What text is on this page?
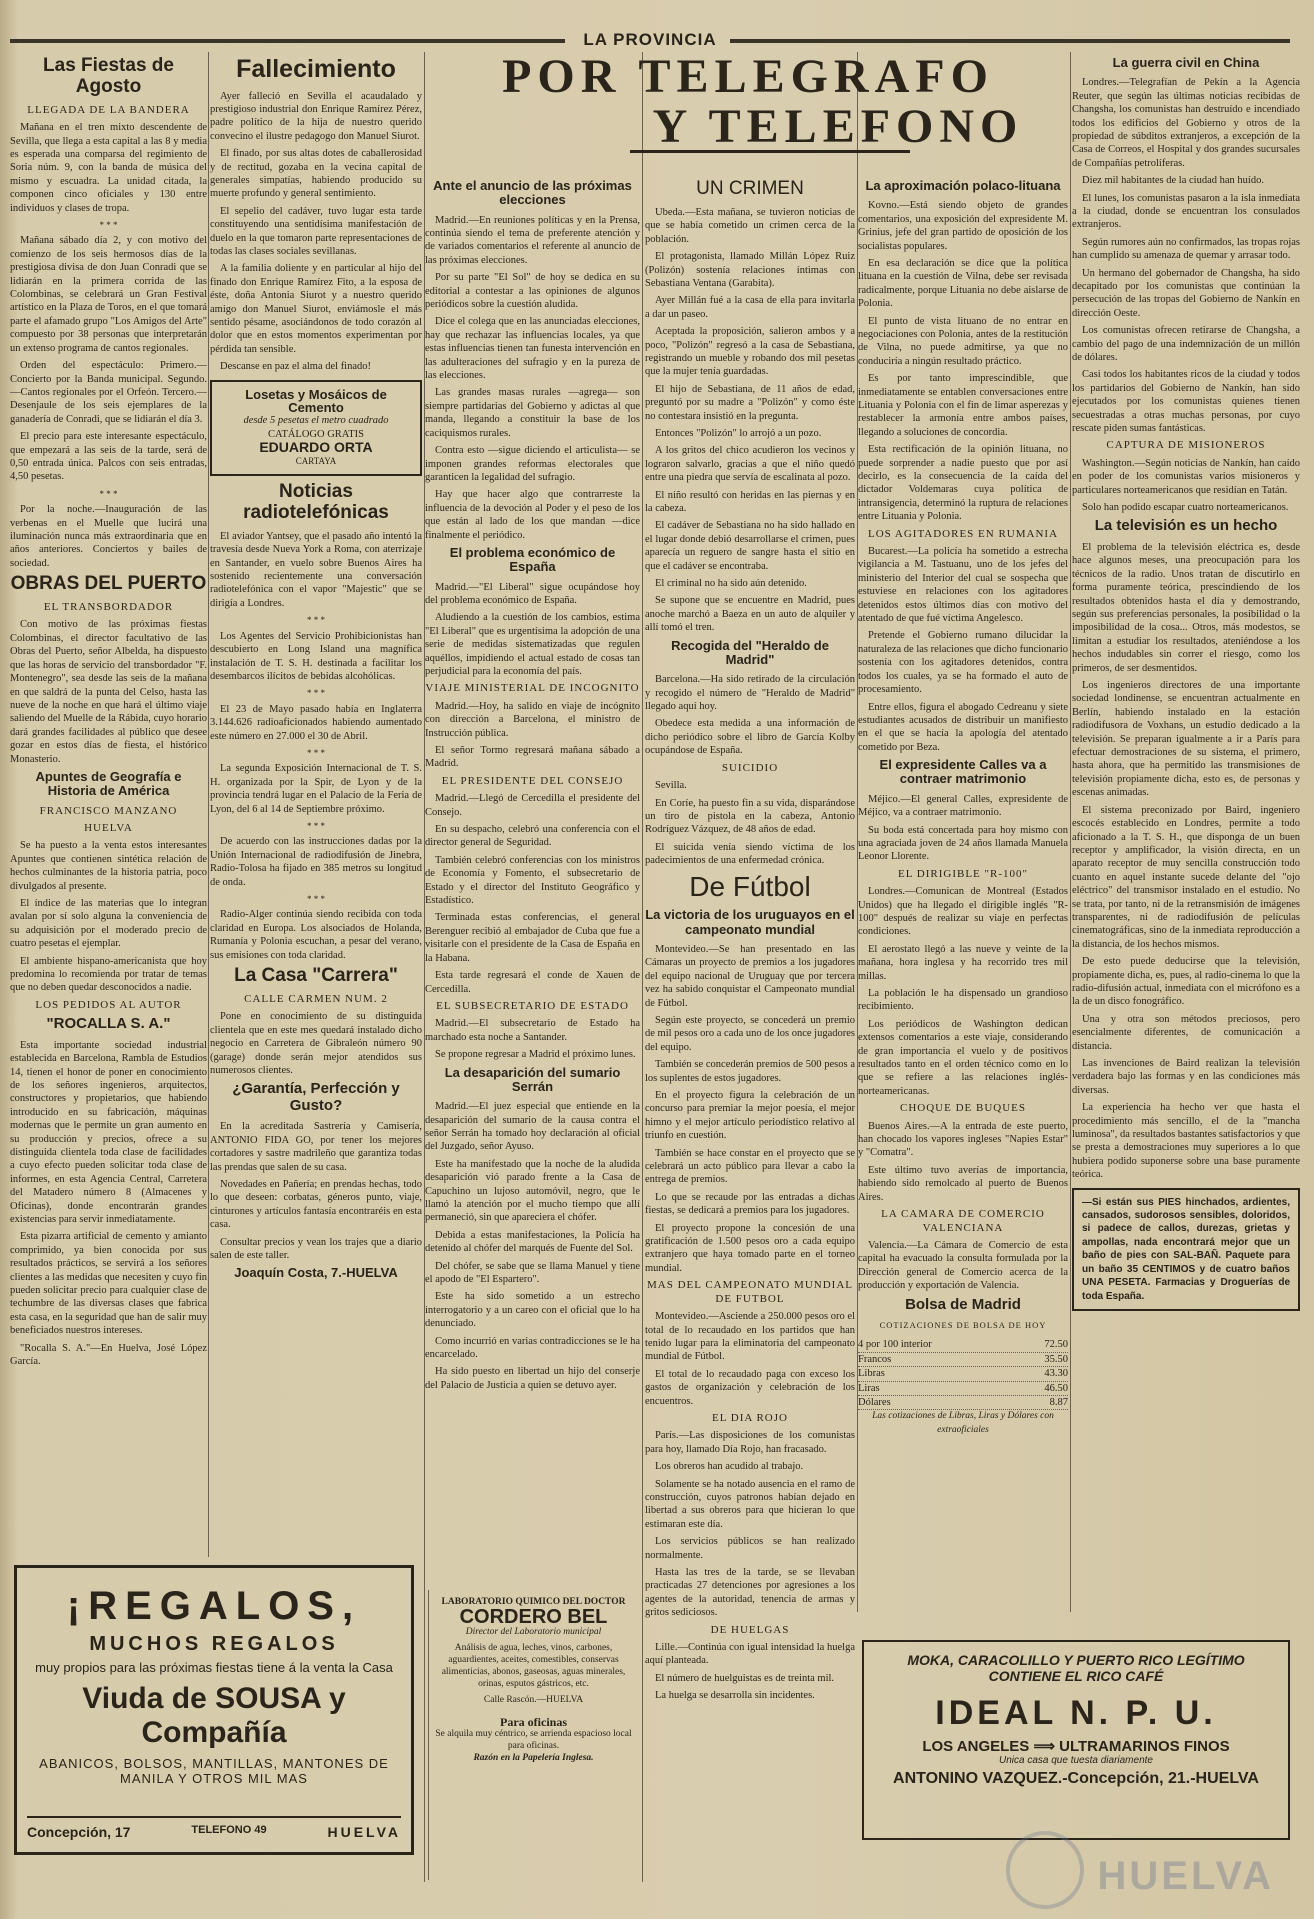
LA PROVINCIA
Las Fiestas de Agosto
LLEGADA DE LA BANDERA

Mañana en el tren mixto descendente de Sevilla, que llega a esta capital a las 8 y media es esperada una comparsa del regimiento de Soria núm. 9, con la banda de música del mismo y escuadra. La unidad citada, la componen cinco oficiales y 130 entre individuos y clases de tropa.

* * *

Mañana sábado día 2, y con motivo del comienzo de los seis hermosos días de la prestigiosa divisa de don Juan Conradi que se lidiarán en la primera corrida de las Colombinas, se celebrará un Gran Festival artístico en la Plaza de Toros, en el que tomará parte el afamado grupo "Los Amigos del Arte" compuesto por 38 personas que interpretarán un extenso programa de cantos regionales.

Orden del espectáculo: Primero.—Concierto por la Banda municipal. Segundo.—Cantos regionales por el Orfeón. Tercero.—Desenjaule de los seis ejemplares de la ganadería de Conradi, que se lidiarán el día 3.

El precio para este interesante espectáculo, que empezará a las seis de la tarde, será de 0,50 entrada única. Palcos con seis entradas, 4,50 pesetas.

* * *

Por la noche.—Inauguración de las verbenas en el Muelle que lucirá una iluminación nunca más extraordinaria que en años anteriores. Conciertos y bailes de sociedad.

OBRAS DEL PUERTO
EL TRANSBORDADOR

Con motivo de las próximas fiestas Colombinas, el director facultativo de las Obras del Puerto, señor Albelda, ha dispuesto que las horas de servicio del transbordador "F. Montenegro", sea desde las seis de la mañana en que saldrá de la punta del Celso, hasta las nueve de la noche en que hará el último viaje saliendo del Muelle de la Rábida, cuyo horario dará grandes facilidades al público que desee gozar en estos días de fiesta, el histórico Monasterio.

Apuntes de Geografía e Historia de América
FRANCISCO MANZANO
HUELVA

Se ha puesto a la venta estos interesantes Apuntes que contienen sintética relación de hechos culminantes de la historia patria, poco divulgados al presente.

El índice de las materias que lo integran avalan por sí solo alguna la conveniencia de su adquisición por el moderado precio de cuatro pesetas el ejemplar.

El ambiente hispano-americanista que hoy predomina lo recomienda por tratar de temas que no deben quedar desconocidos a nadie.

LOS PEDIDOS AL AUTOR
"ROCALLA S. A."

Esta importante sociedad industrial establecida en Barcelona, Rambla de Estudios 14, tienen el honor de poner en conocimiento de los señores ingenieros, arquitectos, constructores y propietarios, que habiendo introducido en su fabricación, máquinas modernas que le permite un gran aumento en su producción y precios, ofrece a su distinguida clientela toda clase de facilidades a cuyo efecto pueden solicitar toda clase de informes, en esta Agencia Central, Carretera del Matadero número 8 (Almacenes y Oficinas), donde encontrarán grandes existencias para servir inmediatamente.

Esta pizarra artificial de cemento y amianto comprimido, ya bien conocida por sus resultados prácticos, se servirá a los señores clientes a las medidas que necesiten y cuyo fin pueden solicitar precio para cualquier clase de techumbre de las diversas clases que fabrica esta casa, en la seguridad que han de salir muy beneficiados nuestros intereses.

"Rocalla S. A."—En Huelva, José López García.

Fallecimiento

Ayer falleció en Sevilla el acaudalado y prestigioso industrial don Enrique Ramírez Pérez, padre político de la hija de nuestro querido convecino el ilustre pedagogo don Manuel Siurot.

El finado, por sus altas dotes de caballerosidad y de rectitud, gozaba en la vecina capital de generales simpatías, habiendo producido su muerte profundo y general sentimiento.

El sepelio del cadáver, tuvo lugar esta tarde constituyendo una sentidísima manifestación de duelo en la que tomaron parte representaciones de todas las clases sociales sevillanas.

A la familia doliente y en particular al hijo del finado don Enrique Ramírez Fito, a la esposa de éste, doña Antonia Siurot y a nuestro querido amigo don Manuel Siurot, enviámosle el más sentido pésame, asociándonos de todo corazón al dolor que en estos momentos experimentan por pérdida tan sensible.

Descanse en paz el alma del finado!

Losetas y Mosáicos de Cemento
desde 5 pesetas el metro cuadrado
CATÁLOGO GRATIS
EDUARDO ORTA
CARTAYA
Noticias radiotelefónicas

El aviador Yantsey, que el pasado año intentó la travesía desde Nueva York a Roma, con aterrizaje en Santander, en vuelo sobre Buenos Aires ha sostenido recientemente una conversación radiotelefónica con el vapor "Majestic" que se dirigía a Londres.

* * *

Los Agentes del Servicio Prohibicionistas han descubierto en Long Island una magnífica instalación de T. S. H. destinada a facilitar los desembarcos ilícitos de bebidas alcohólicas.

* * *

El 23 de Mayo pasado había en Inglaterra 3.144.626 radioaficionados habiendo aumentado este número en 27.000 el 30 de Abril.

* * *

La segunda Exposición Internacional de T. S. H. organizada por la Spir, de Lyon y de la provincia tendrá lugar en el Palacio de la Feria de Lyon, del 6 al 14 de Septiembre próximo.

* * *

De acuerdo con las instrucciones dadas por la Unión Internacional de radiodifusión de Jinebra, Radio-Tolosa ha fijado en 385 metros su longitud de onda.

* * *

Radio-Alger continúa siendo recibida con toda claridad en Europa. Los alsociados de Holanda, Rumanía y Polonia escuchan, a pesar del verano, sus emisiones con toda claridad.

La Casa "Carrera"
CALLE CARMEN NUM. 2

Pone en conocimiento de su distinguida clientela que en este mes quedará instalado dicho negocio en Carretera de Gibraleón número 90 (garage) donde serán mejor atendidos sus numerosos clientes.

¿Garantía, Perfección y Gusto?

En la acreditada Sastrería y Camisería, ANTONIO FIDA GO, por tener los mejores cortadores y sastre madrileño que garantiza todas las prendas que salen de su casa.

Novedades en Pañería; en prendas hechas, todo lo que deseen: corbatas, géneros punto, viaje, cinturones y artículos fantasía encontraréis en esta casa.

Consultar precios y vean los trajes que a diario salen de este taller.

Joaquín Costa, 7.-HUELVA
POR TELEGRAFO
Y TELEFONO
Ante el anuncio de las próximas elecciones

Madrid.—En reuniones políticas y en la Prensa, continúa siendo el tema de preferente atención y de variados comentarios el referente al anuncio de las próximas elecciones.

Por su parte "El Sol" de hoy se dedica en su editorial a contestar a las opiniones de algunos periódicos sobre la cuestión aludida.

Dice el colega que en las anunciadas elecciones, hay que rechazar las influencias locales, ya que estas influencias tienen tan funesta intervención en las adulteraciones del sufragio y en la pureza de las elecciones.

Las grandes masas rurales —agrega— son siempre partidarias del Gobierno y adictas al que manda, llegando a constituir la base de los caciquismos rurales.

Contra esto —sigue diciendo el articulista— se imponen grandes reformas electorales que garanticen la legalidad del sufragio.

Hay que hacer algo que contrarreste la influencia de la devoción al Poder y el peso de los que están al lado de los que mandan —dice finalmente el periódico.

El problema económico de España

Madrid.—"El Liberal" sigue ocupándose hoy del problema económico de España.

Aludiendo a la cuestión de los cambios, estima "El Liberal" que es urgentísima la adopción de una serie de medidas sistematizadas que regulen aquéllos, impidiendo el actual estado de cosas tan perjudicial para la economía del país.

VIAJE MINISTERIAL DE INCOGNITO

Madrid.—Hoy, ha salido en viaje de incógnito con dirección a Barcelona, el ministro de Instrucción pública.

El señor Tormo regresará mañana sábado a Madrid.

EL PRESIDENTE DEL CONSEJO

Madrid.—Llegó de Cercedilla el presidente del Consejo.

En su despacho, celebró una conferencia con el director general de Seguridad.

También celebró conferencias con los ministros de Economía y Fomento, el subsecretario de Estado y el director del Instituto Geográfico y Estadístico.

Terminada estas conferencias, el general Berenguer recibió al embajador de Cuba que fue a visitarle con el presidente de la Casa de España en la Habana.

Esta tarde regresará el conde de Xauen de Cercedilla.

EL SUBSECRETARIO DE ESTADO

Madrid.—El subsecretario de Estado ha marchado esta noche a Santander.

Se propone regresar a Madrid el próximo lunes.

La desaparición del sumario Serrán

Madrid.—El juez especial que entiende en la desaparición del sumario de la causa contra el señor Serrán ha tomado hoy declaración al oficial del Juzgado, señor Ayuso.

Este ha manifestado que la noche de la aludida desaparición vió parado frente a la Casa de Capuchino un lujoso automóvil, negro, que le llamó la atención por el mucho tiempo que allí permaneció, sin que apareciera el chófer.

Debida a estas manifestaciones, la Policía ha detenido al chófer del marqués de Fuente del Sol.

Del chófer, se sabe que se llama Manuel y tiene el apodo de "El Espartero".

Este ha sido sometido a un estrecho interrogatorio y a un careo con el oficial que lo ha denunciado.

Como incurrió en varias contradicciones se le ha encarcelado.

Ha sido puesto en libertad un hijo del conserje del Palacio de Justicia a quien se detuvo ayer.

LABORATORIO QUIMICO DEL DOCTOR
CORDERO BEL
Director del Laboratorio municipal
Análisis de agua, leches, vinos, carbones, aguardientes, aceites, comestibles, conservas alimenticias, abonos, gaseosas, aguas minerales, orinas, esputos gástricos, etc.
Calle Rascón.—HUELVA
Para oficinas
Se alquila muy céntrico, se arrienda espacioso local para oficinas.
Razón en la Papelería Inglesa.
UN CRIMEN

Ubeda.—Esta mañana, se tuvieron noticias de que se había cometido un crimen cerca de la población.

El protagonista, llamado Millán López Ruiz (Polizón) sostenía relaciones íntimas con Sebastiana Ventana (Garabita).

Ayer Millán fué a la casa de ella para invitarla a dar un paseo.

Aceptada la proposición, salieron ambos y a poco, "Polizón" regresó a la casa de Sebastiana, registrando un mueble y robando dos mil pesetas que la mujer tenía guardadas.

El hijo de Sebastiana, de 11 años de edad, preguntó por su madre a "Polizón" y como éste no contestara insistió en la pregunta.

Entonces "Polizón" lo arrojó a un pozo.

A los gritos del chico acudieron los vecinos y lograron salvarlo, gracias a que el niño quedó entre una piedra que servía de escalinata al pozo.

El niño resultó con heridas en las piernas y en la cabeza.

El cadáver de Sebastiana no ha sido hallado en el lugar donde debió desarrollarse el crimen, pues aparecía un reguero de sangre hasta el sitio en que el cadáver se encontraba.

El criminal no ha sido aún detenido.

Se supone que se encuentre en Madrid, pues anoche marchó a Baeza en un auto de alquiler y allí tomó el tren.

Recogida del "Heraldo de Madrid"

Barcelona.—Ha sido retirado de la circulación y recogido el número de "Heraldo de Madrid" llegado aquí hoy.

Obedece esta medida a una información de dicho periódico sobre el libro de García Kolby ocupándose de España.

SUICIDIO

Sevilla.

En Coríe, ha puesto fin a su vida, disparándose un tiro de pistola en la cabeza, Antonio Rodríguez Vázquez, de 48 años de edad.

El suicida venía siendo víctima de los padecimientos de una enfermedad crónica.

De Fútbol
La victoria de los uruguayos en el campeonato mundial

Montevideo.—Se han presentado en las Cámaras un proyecto de premios a los jugadores del equipo nacional de Uruguay que por tercera vez ha sabido conquistar el Campeonato mundial de Fútbol.

Según este proyecto, se concederá un premio de mil pesos oro a cada uno de los once jugadores del equipo.

También se concederán premios de 500 pesos a los suplentes de estos jugadores.

En el proyecto figura la celebración de un concurso para premiar la mejor poesía, el mejor himno y el mejor artículo periodístico relativo al triunfo en cuestión.

También se hace constar en el proyecto que se celebrará un acto público para llevar a cabo la entrega de premios.

Lo que se recaude por las entradas a dichas fiestas, se dedicará a premios para los jugadores.

El proyecto propone la concesión de una gratificación de 1.500 pesos oro a cada equipo extranjero que haya tomado parte en el torneo mundial.

MAS DEL CAMPEONATO MUNDIAL DE FUTBOL

Montevideo.—Asciende a 250.000 pesos oro el total de lo recaudado en los partidos que han tenido lugar para la eliminatoria del campeonato mundial de Fútbol.

El total de lo recaudado paga con exceso los gastos de organización y celebración de los encuentros.

EL DIA ROJO

París.—Las disposiciones de los comunistas para hoy, llamado Día Rojo, han fracasado.

Los obreros han acudido al trabajo.

Solamente se ha notado ausencia en el ramo de construcción, cuyos patronos habían dejado en libertad a sus obreros para que hicieran lo que estimaran este día.

Los servicios públicos se han realizado normalmente.

Hasta las tres de la tarde, se se llevaban practicadas 27 detenciones por agresiones a los agentes de la autoridad, tenencia de armas y gritos sediciosos.

DE HUELGAS

Lille.—Continúa con igual intensidad la huelga aquí planteada.

El número de huelguistas es de treinta mil.

La huelga se desarrolla sin incidentes.

La aproximación polaco-lituana

Kovno.—Está siendo objeto de grandes comentarios, una exposición del expresidente M. Grinius, jefe del gran partido de oposición de los socialistas populares.

En esa declaración se dice que la política lituana en la cuestión de Vilna, debe ser revisada radicalmente, porque Lituania no debe aislarse de Polonia.

El punto de vista lituano de no entrar en negociaciones con Polonia, antes de la restitución de Vilna, no puede admitirse, ya que no conduciría a ningún resultado práctico.

Es por tanto imprescindible, que inmediatamente se entablen conversaciones entre Lituania y Polonia con el fin de limar asperezas y restablecer la armonía entre ambos países, llegando a soluciones de concordia.

Esta rectificación de la opinión lituana, no puede sorprender a nadie puesto que por así decirlo, es la consecuencia de la caída del dictador Voldemaras cuya política de intransigencia, determinó la ruptura de relaciones entre Lituania y Polonia.

LOS AGITADORES EN RUMANIA

Bucarest.—La policía ha sometido a estrecha vigilancia a M. Tastuanu, uno de los jefes del ministerio del Interior del cual se sospecha que estuviese en relaciones con los agitadores detenidos estos últimos días con motivo del atentado de que fué víctima Angelesco.

Pretende el Gobierno rumano dilucidar la naturaleza de las relaciones que dicho funcionario sostenía con los agitadores detenidos, contra todos los cuales, ya se ha formado el auto de procesamiento.

Entre ellos, figura el abogado Cedreanu y siete estudiantes acusados de distribuir un manifiesto en el que se hacía la apología del atentado cometido por Beza.

El expresidente Calles va a contraer matrimonio

Méjico.—El general Calles, expresidente de Méjico, va a contraer matrimonio.

Su boda está concertada para hoy mismo con una agraciada joven de 24 años llamada Manuela Leonor Llorente.

EL DIRIGIBLE "R-100"

Londres.—Comunican de Montreal (Estados Unidos) que ha llegado el dirigible inglés "R-100" después de realizar su viaje en perfectas condiciones.

El aerostato llegó a las nueve y veinte de la mañana, hora inglesa y ha recorrido tres mil millas.

La población le ha dispensado un grandioso recibimiento.

Los periódicos de Washington dedican extensos comentarios a este viaje, considerando de gran importancia el vuelo y de positivos resultados tanto en el orden técnico como en lo que se refiere a las relaciones inglés-norteamericanas.

CHOQUE DE BUQUES

Buenos Aires.—A la entrada de este puerto, han chocado los vapores ingleses "Napies Estar" y "Comatra".

Este último tuvo averías de importancia, habiendo sido remolcado al puerto de Buenos Aires.

LA CAMARA DE COMERCIO VALENCIANA

Valencia.—La Cámara de Comercio de esta capital ha evacuado la consulta formulada por la Dirección general de Comercio acerca de la producción y exportación de Valencia.

Bolsa de Madrid
COTIZACIONES DE BOLSA DE HOY
4 por 100 interior	72.50
Francos	35.50
Libras	43.30
Liras	46.50
Dólares	8.87
Las cotizaciones de Libras, Liras y Dólares con extraoficiales
La guerra civil en China

Londres.—Telegrafían de Pekín a la Agencia Reuter, que según las últimas noticias recibidas de Changsha, los comunistas han destruído e incendiado todos los edificios del Gobierno y otros de la propiedad de súbditos extranjeros, a excepción de la Casa de Correos, el Hospital y dos grandes sucursales de Compañías petrolíferas.

Diez mil habitantes de la ciudad han huído.

El lunes, los comunistas pasaron a la isla inmediata a la ciudad, donde se encuentran los consulados extranjeros.

Según rumores aún no confirmados, las tropas rojas han cumplido su amenaza de quemar y arrasar todo.

Un hermano del gobernador de Changsha, ha sido decapitado por los comunistas que continúan la persecución de las tropas del Gobierno de Nankín en dirección Oeste.

Los comunistas ofrecen retirarse de Changsha, a cambio del pago de una indemnización de un millón de dólares.

Casi todos los habitantes ricos de la ciudad y todos los partidarios del Gobierno de Nankín, han sido ejecutados por los comunistas quienes tienen secuestradas a otras muchas personas, por cuyo rescate piden sumas fantásticas.

CAPTURA DE MISIONEROS

Washington.—Según noticias de Nankín, han caído en poder de los comunistas varios misioneros y particulares norteamericanos que residían en Tatán.

Solo han podido escapar cuatro norteamericanos.

La televisión es un hecho

El problema de la televisión eléctrica es, desde hace algunos meses, una preocupación para los técnicos de la radio. Unos tratan de discutirlo en forma puramente teórica, prescindiendo de los resultados obtenidos hasta el día y demostrando, según sus preferencias personales, la posibilidad o la imposibilidad de la cosa... Otros, más modestos, se limitan a estudiar los resultados, ateniéndose a los hechos indudables sin correr el riesgo, como los primeros, de ser desmentidos.

Los ingenieros directores de una importante sociedad londinense, se encuentran actualmente en Berlín, habiendo instalado en la estación radiodifusora de Voxhans, un estudio dedicado a la televisión. Se preparan igualmente a ir a París para efectuar demostraciones de su sistema, el primero, hasta ahora, que ha permitido las transmisiones de televisión propiamente dicha, esto es, de personas y escenas animadas.

El sistema preconizado por Baird, ingeniero escocés establecido en Londres, permite a todo aficionado a la T. S. H., que disponga de un buen receptor y amplificador, la visión directa, en un aparato receptor de muy sencilla construcción todo cuanto en aquel instante sucede delante del "ojo eléctrico" del transmisor instalado en el estudio. No se trata, por tanto, ni de la retransmisión de imágenes transparentes, ni de radiodifusión de películas cinematográficas, sino de la inmediata reproducción a la distancia, de los hechos mismos.

De esto puede deducirse que la televisión, propiamente dicha, es, pues, al radio-cinema lo que la radio-difusión actual, inmediata con el micrófono es a la de un disco fonográfico.

Una y otra son métodos preciosos, pero esencialmente diferentes, de comunicación a distancia.

Las invenciones de Baird realizan la televisión verdadera bajo las formas y en las condiciones más diversas.

La experiencia ha hecho ver que hasta el procedimiento más sencillo, el de la "mancha luminosa", da resultados bastantes satisfactorios y que se presta a demostraciones muy superiores a lo que hubiera podido suponerse sobre una base puramente teórica.

—Si están sus PIES hinchados, ardientes, cansados, sudorosos sensibles, doloridos, si padece de callos, durezas, grietas y ampollas, nada encontrará mejor que un baño de pies con SAL-BAÑ. Paquete para un baño 35 CENTIMOS y de cuatro baños UNA PESETA. Farmacias y Droguerías de toda España.
¡REGALOS,
MUCHOS REGALOS
muy propios para las próximas fiestas tiene á la venta la Casa
Viuda de SOUSA y Compañía
ABANICOS, BOLSOS, MANTILLAS, MANTONES DE MANILA Y OTROS MIL MAS
Concepción, 17	TELEFONO 49	HUELVA
MOKA, CARACOLILLO Y PUERTO RICO LEGÍTIMO
CONTIENE EL RICO CAFÉ
IDEAL N. P. U.
LOS ANGELES ⟹ ULTRAMARINOS FINOS
Unica casa que tuesta diariamente
ANTONINO VAZQUEZ.-Concepción, 21.-HUELVA
HUELVA
